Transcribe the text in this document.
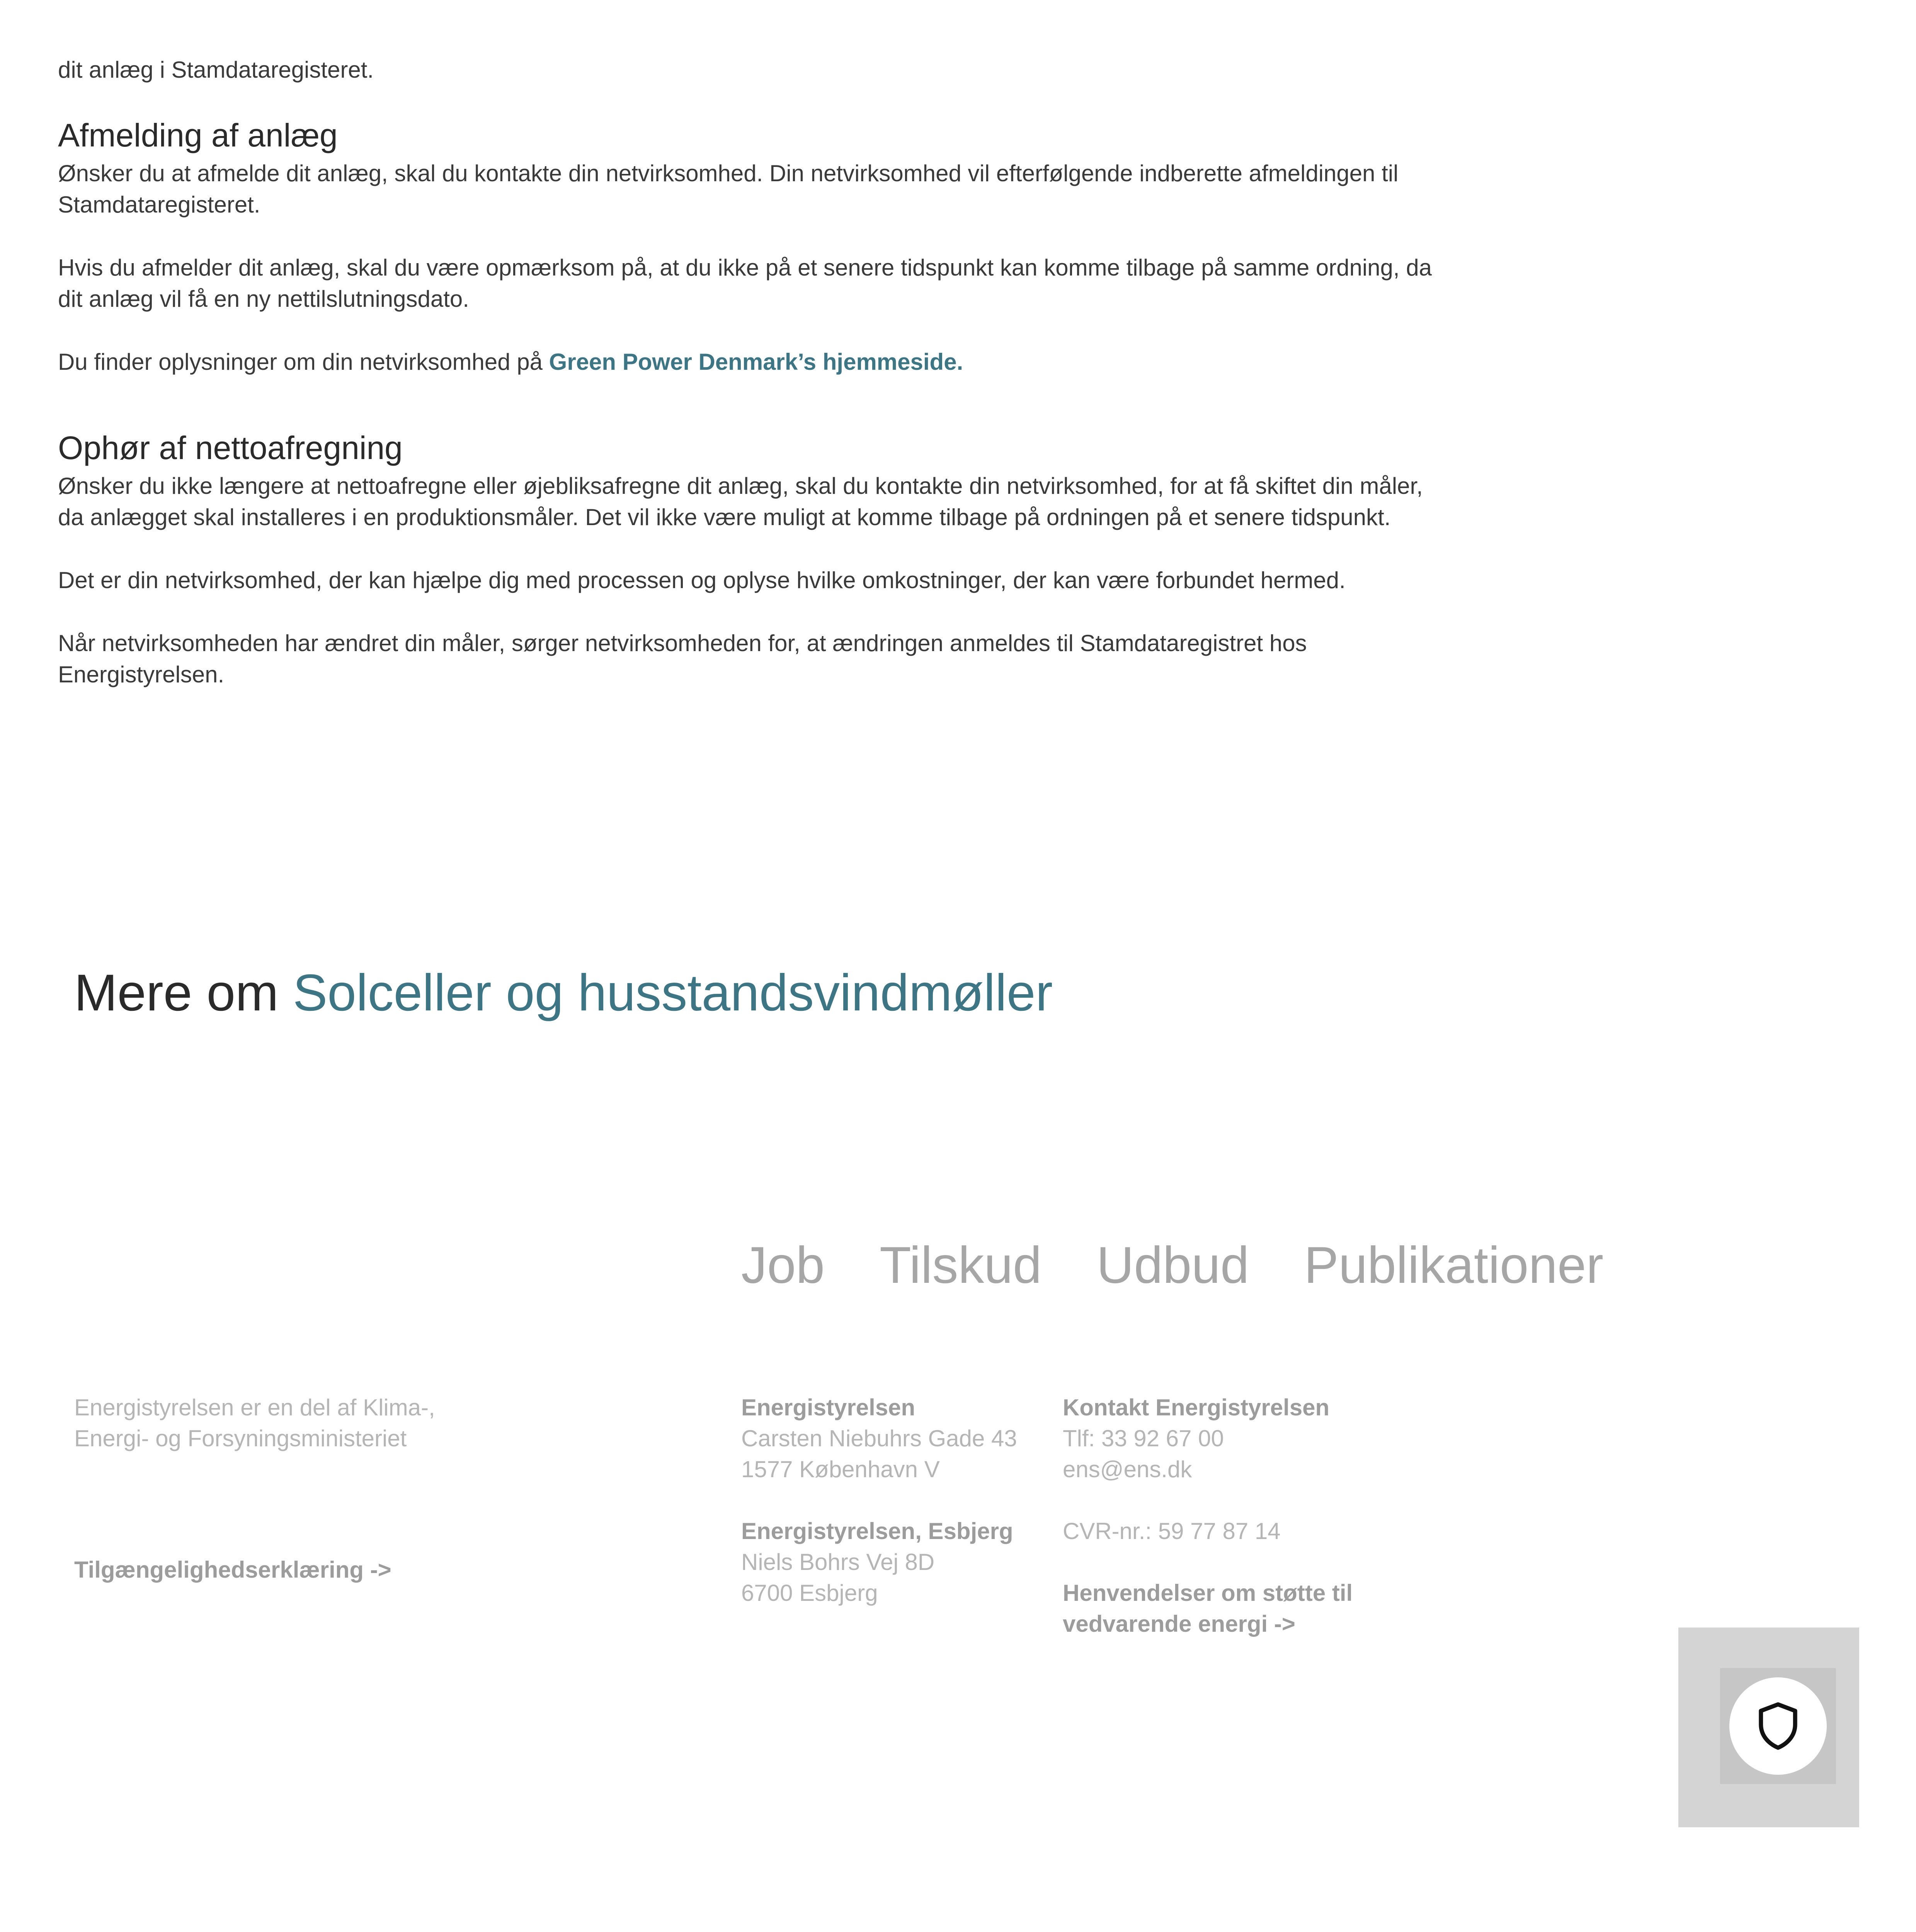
dit anlæg i Stamdataregisteret.

Afmelding af anlæg

Ønsker du at afmelde dit anlæg, skal du kontakte din netvirksomhed. Din netvirksomhed vil efterfølgende indberette afmeldingen til Stamdataregisteret.

Hvis du afmelder dit anlæg, skal du være opmærksom på, at du ikke på et senere tidspunkt kan komme tilbage på samme ordning, da dit anlæg vil få en ny nettilslutningsdato.

Du finder oplysninger om din netvirksomhed på Green Power Denmark’s hjemmeside.

Ophør af nettoafregning

Ønsker du ikke længere at nettoafregne eller øjebliksafregne dit anlæg, skal du kontakte din netvirksomhed, for at få skiftet din måler, da anlægget skal installeres i en produktionsmåler. Det vil ikke være muligt at komme tilbage på ordningen på et senere tidspunkt.

Det er din netvirksomhed, der kan hjælpe dig med processen og oplyse hvilke omkostninger, der kan være forbundet hermed.

Når netvirksomheden har ændret din måler, sørger netvirksomheden for, at ændringen anmeldes til Stamdataregistret hos Energistyrelsen.

Mere om Solceller og husstandsvindmøller
Job Tilskud Udbud Publikationer

Energistyrelsen er en del af Klima-,

Energi- og Forsyningsministeriet

Tilgængelighedserklæring ->

Energistyrelsen

Carsten Niebuhrs Gade 43

1577 København V

Energistyrelsen, Esbjerg

Niels Bohrs Vej 8D

6700 Esbjerg

Kontakt Energistyrelsen

Tlf: 33 92 67 00

ens@ens.dk

CVR-nr.: 59 77 87 14

Henvendelser om støtte til

vedvarende energi ->
